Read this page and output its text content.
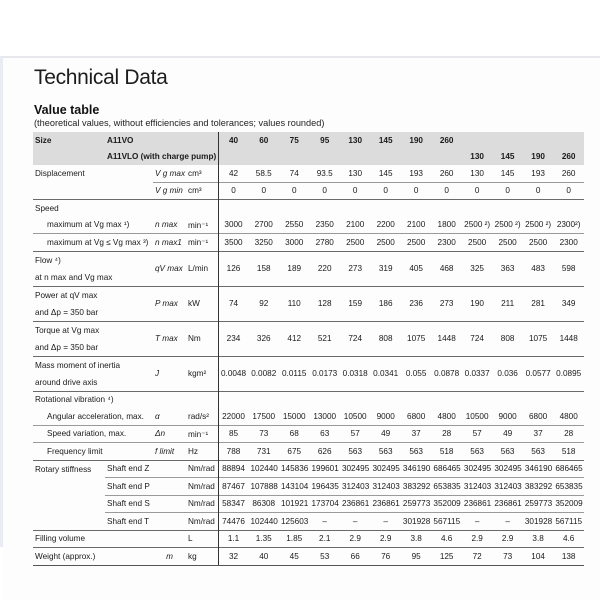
Technical Data
Value table
(theoretical values, without efficiencies and tolerances; values rounded)
Size	A11VO			40	60	75	95	130	145	190	260				
	A11VLO (with charge pump)											130	145	190	260
Displacement		V g max	cm³	42	58.5	74	93.5	130	145	193	260	130	145	193	260
		V g min	cm³	0	0	0	0	0	0	0	0	0	0	0	0
Speed															
maximum at Vg max ¹)		n max	min⁻¹	3000	2700	2550	2350	2100	2200	2100	1800	2500 ²)	2500 ²)	2500 ²)	2300²)
maximum at Vg ≤ Vg max ³)		n max1	min⁻¹	3500	3250	3000	2780	2500	2500	2500	2300	2500	2500	2500	2300

Flow ⁴)
at n max and Vg max		qV max	L/min	126	158	189	220	273	319	405	468	325	363	483	598

Power at qV max
and Δp = 350 bar		P max	kW	74	92	110	128	159	186	236	273	190	211	281	349

Torque at Vg max
and Δp = 350 bar		T max	Nm	234	326	412	521	724	808	1075	1448	724	808	1075	1448

Mass moment of inertia
around drive axis		J	kgm²	0.0048	0.0082	0.0115	0.0173	0.0318	0.0341	0.055	0.0878	0.0337	0.036	0.0577	0.0895
Rotational vibration ⁴)															
Angular acceleration, max.		α	rad/s²	22000	17500	15000	13000	10500	9000	6800	4800	10500	9000	6800	4800
Speed variation, max.		Δn	min⁻¹	85	73	68	63	57	49	37	28	57	49	37	28
Frequency limit		f limit	Hz	788	731	675	626	563	563	563	518	563	563	563	518
Rotary stiffness	Shaft end Z		Nm/rad	88894	102440	145836	199601	302495	302495	346190	686465	302495	302495	346190	686465
	Shaft end P		Nm/rad	87467	107888	143104	196435	312403	312403	383292	653835	312403	312403	383292	653835
	Shaft end S		Nm/rad	58347	86308	101921	173704	236861	236861	259773	352009	236861	236861	259773	352009
	Shaft end T		Nm/rad	74476	102440	125603	–	–	–	301928	567115	–	–	301928	567115
Filling volume			L	1.1	1.35	1.85	2.1	2.9	2.9	3.8	4.6	2.9	2.9	3.8	4.6
Weight (approx.)		m	kg	32	40	45	53	66	76	95	125	72	73	104	138
